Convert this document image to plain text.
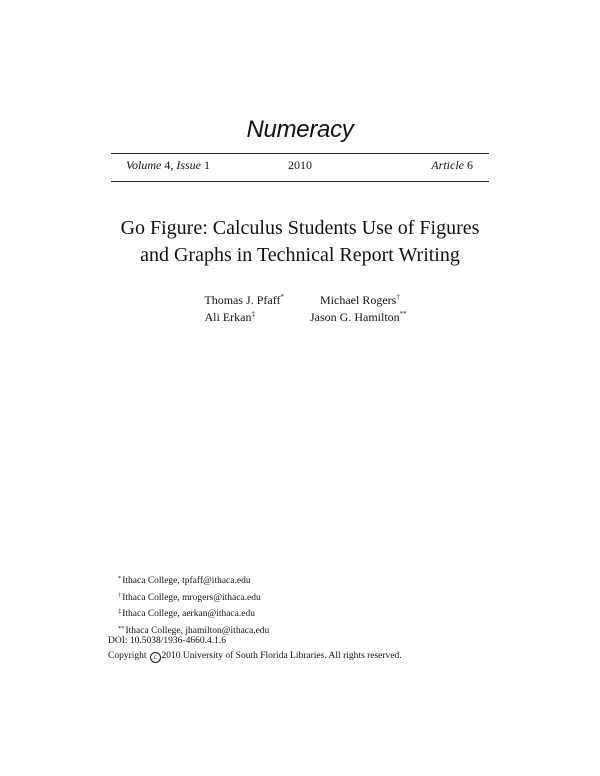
Numeracy
Volume 4, Issue 1	2010	Article 6
Go Figure: Calculus Students Use of Figures
and Graphs in Technical Report Writing
Thomas J. Pfaff*	Michael Rogers†
Ali Erkan‡	Jason G. Hamilton**
*Ithaca College, tpfaff@ithaca.edu
†Ithaca College, mrogers@ithaca.edu
‡Ithaca College, aerkan@ithaca.edu
**Ithaca College, jhamilton@ithaca.edu
DOI: 10.5038/1936-4660.4.1.6
Copyright c 2010 University of South Florida Libraries. All rights reserved.
